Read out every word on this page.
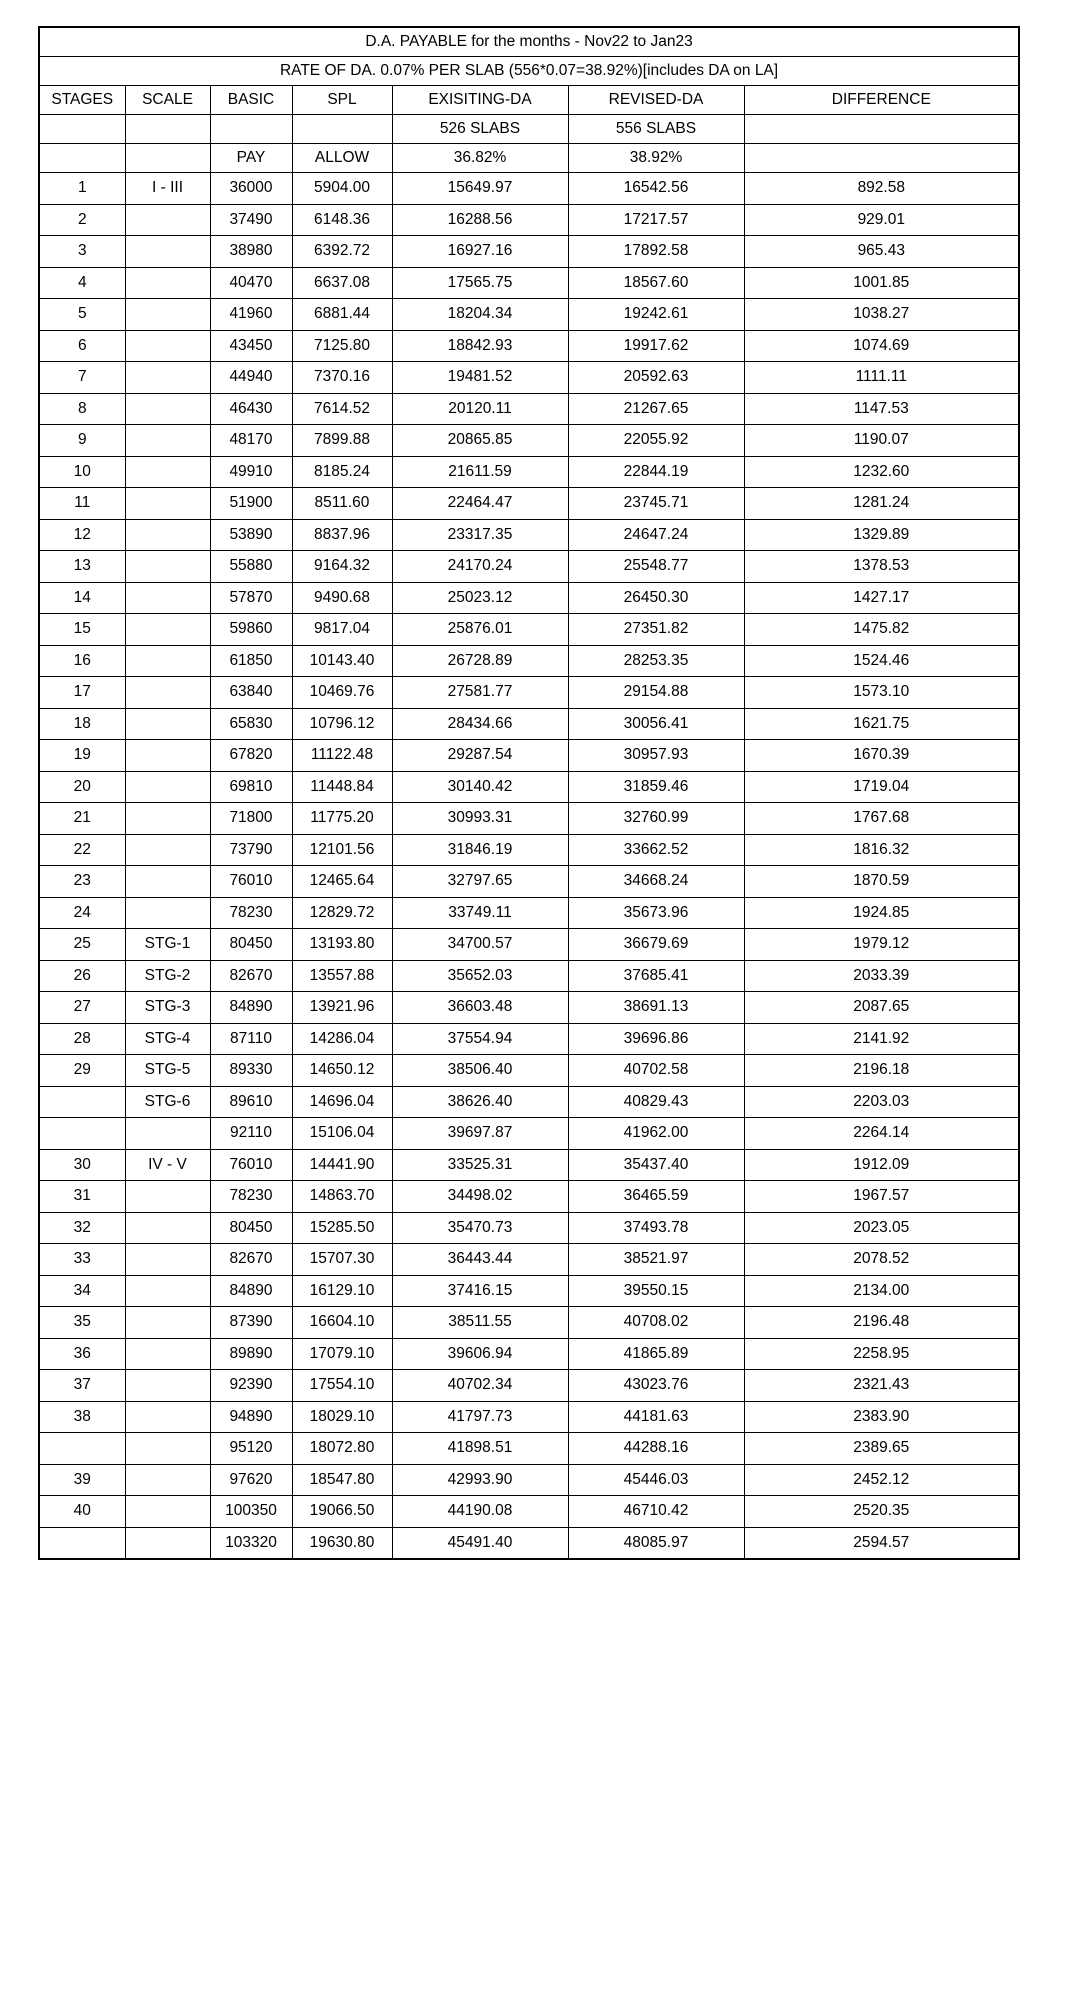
D.A. PAYABLE for the months - Nov22 to Jan23						
RATE OF DA. 0.07% PER SLAB (556*0.07=38.92%)[includes DA on LA]						
STAGES	SCALE	BASIC	SPL	EXISITING-DA	REVISED-DA	DIFFERENCE
				526 SLABS	556 SLABS	
		PAY	ALLOW	36.82%	38.92%	
1	I - III	36000	5904.00	15649.97	16542.56	892.58
2		37490	6148.36	16288.56	17217.57	929.01
3		38980	6392.72	16927.16	17892.58	965.43
4		40470	6637.08	17565.75	18567.60	1001.85
5		41960	6881.44	18204.34	19242.61	1038.27
6		43450	7125.80	18842.93	19917.62	1074.69
7		44940	7370.16	19481.52	20592.63	1111.11
8		46430	7614.52	20120.11	21267.65	1147.53
9		48170	7899.88	20865.85	22055.92	1190.07
10		49910	8185.24	21611.59	22844.19	1232.60
11		51900	8511.60	22464.47	23745.71	1281.24
12		53890	8837.96	23317.35	24647.24	1329.89
13		55880	9164.32	24170.24	25548.77	1378.53
14		57870	9490.68	25023.12	26450.30	1427.17
15		59860	9817.04	25876.01	27351.82	1475.82
16		61850	10143.40	26728.89	28253.35	1524.46
17		63840	10469.76	27581.77	29154.88	1573.10
18		65830	10796.12	28434.66	30056.41	1621.75
19		67820	11122.48	29287.54	30957.93	1670.39
20		69810	11448.84	30140.42	31859.46	1719.04
21		71800	11775.20	30993.31	32760.99	1767.68
22		73790	12101.56	31846.19	33662.52	1816.32
23		76010	12465.64	32797.65	34668.24	1870.59
24		78230	12829.72	33749.11	35673.96	1924.85
25	STG-1	80450	13193.80	34700.57	36679.69	1979.12
26	STG-2	82670	13557.88	35652.03	37685.41	2033.39
27	STG-3	84890	13921.96	36603.48	38691.13	2087.65
28	STG-4	87110	14286.04	37554.94	39696.86	2141.92
29	STG-5	89330	14650.12	38506.40	40702.58	2196.18
	STG-6	89610	14696.04	38626.40	40829.43	2203.03
		92110	15106.04	39697.87	41962.00	2264.14
30	IV - V	76010	14441.90	33525.31	35437.40	1912.09
31		78230	14863.70	34498.02	36465.59	1967.57
32		80450	15285.50	35470.73	37493.78	2023.05
33		82670	15707.30	36443.44	38521.97	2078.52
34		84890	16129.10	37416.15	39550.15	2134.00
35		87390	16604.10	38511.55	40708.02	2196.48
36		89890	17079.10	39606.94	41865.89	2258.95
37		92390	17554.10	40702.34	43023.76	2321.43
38		94890	18029.10	41797.73	44181.63	2383.90
		95120	18072.80	41898.51	44288.16	2389.65
39		97620	18547.80	42993.90	45446.03	2452.12
40		100350	19066.50	44190.08	46710.42	2520.35
		103320	19630.80	45491.40	48085.97	2594.57
